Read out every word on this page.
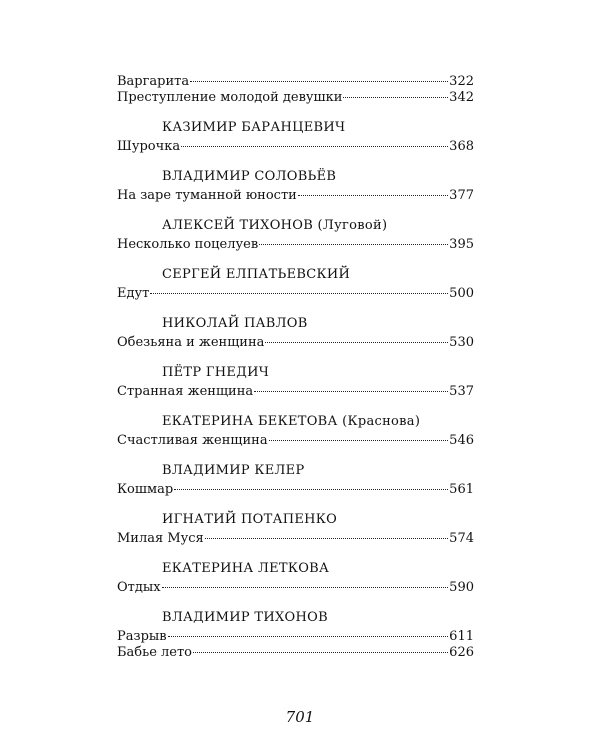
Варгарита	322
Преступление молодой девушки	342
КАЗИМИР БАРАНЦЕВИЧ
Шурочка	368
ВЛАДИМИР СОЛОВЬЁВ
На заре туманной юности	377
АЛЕКСЕЙ ТИХОНОВ (Луговой)
Несколько поцелуев	395
СЕРГЕЙ ЕЛПАТЬЕВСКИЙ
Едут	500
НИКОЛАЙ ПАВЛОВ
Обезьяна и женщина	530
ПЁТР ГНЕДИЧ
Странная женщина	537
ЕКАТЕРИНА БЕКЕТОВА (Краснова)
Счастливая женщина	546
ВЛАДИМИР КЕЛЕР
Кошмар	561
ИГНАТИЙ ПОТАПЕНКО
Милая Муся	574
ЕКАТЕРИНА ЛЕТКОВА
Отдых	590
ВЛАДИМИР ТИХОНОВ
Разрыв	611
Бабье лето	626
701
